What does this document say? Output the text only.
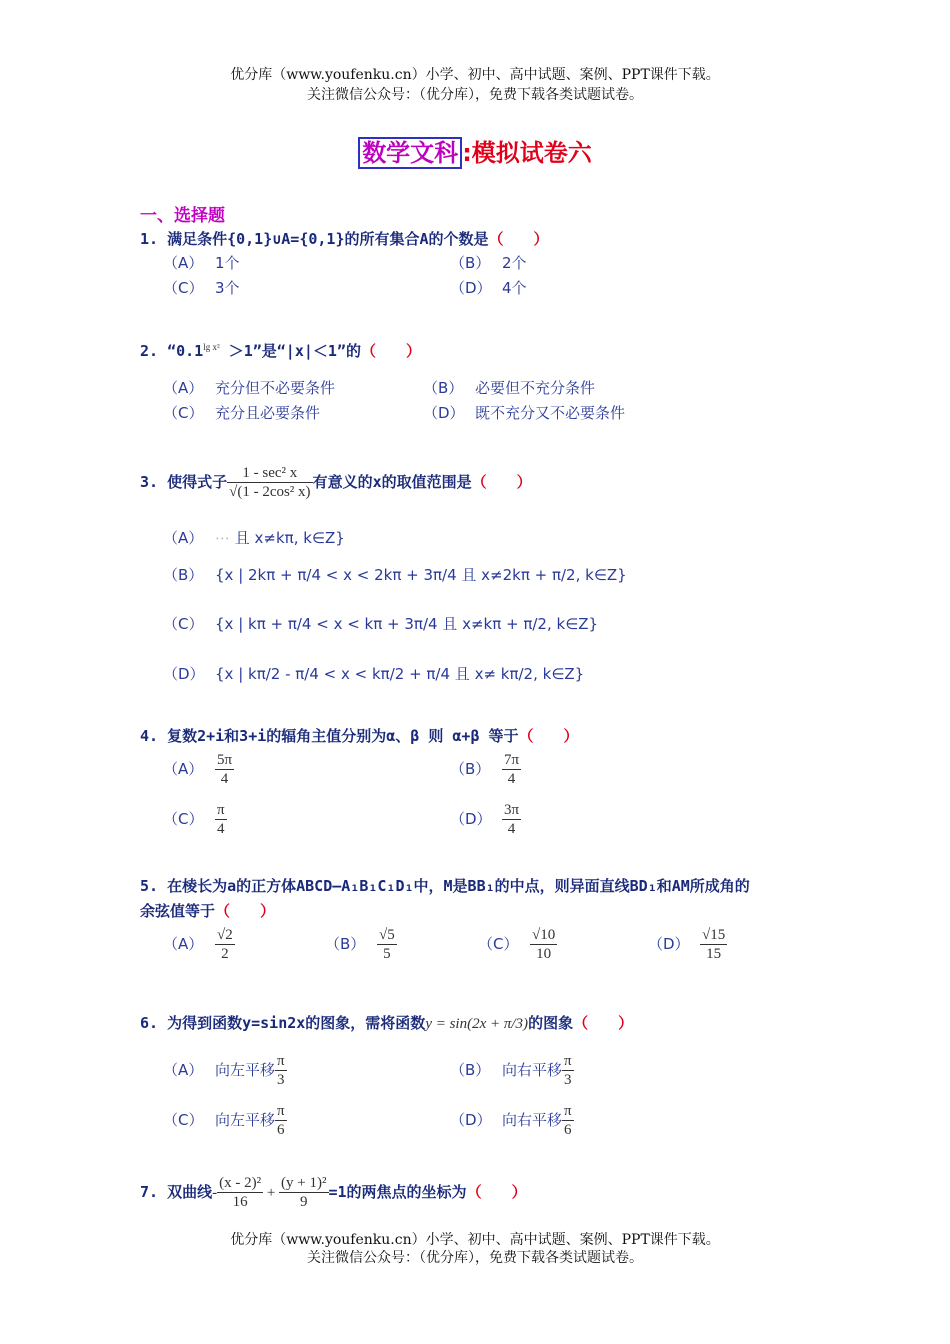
优分库（www.youfenku.cn）小学、初中、高中试题、案例、PPT课件下载。
关注微信公众号：（优分库），免费下载各类试题试卷。
数学文科 :模拟试卷六
一、选择题
1. 满足条件{0,1}∪A={0,1}的所有集合A的个数是（　　）
（A） 1个	（B） 2个
（C） 3个	（D） 4个
2. “$0.1^{lg x^2} >1$”是“|x|＜1”的（　　）
（A） 充分但不必要条件	（B） 必要但不充分条件
（C） 充分且必要条件	（D） 既不充分又不必要条件
3. 使得式子 $\frac{\text{1 - sec² x}}{\text{√(1 - 2cos² x)}}$ 有意义的x的取值范围是（　　）
（A） ⋯ 且 x≠kπ, k∈Z}
（B） {x | 2kπ + π/4 < x < 2kπ + 3π/4 且 x≠2kπ + π/2, k∈Z}
（C） {x | kπ + π/4 < x < kπ + 3π/4 且 x≠kπ + π/2, k∈Z}
（D） {x | kπ/2 - π/4 < x < kπ/2 + π/4 且 x≠ kπ/2, k∈Z}
4. 复数2+i和3+i的辐角主值分别为α、β 则 α+β 等于（　　）
$(A) \frac{5\pi}{4}$	$(B) \frac{7\pi}{4}$
$(C) \frac{\pi}{4}$	$(D) \frac{3\pi}{4}$
5. 在棱长为a的正方体ABCD—A₁B₁C₁D₁中，M是BB₁的中点，则异面直线BD₁和AM所成角的
余弦值等于（　　）
$(A) \frac{√2}{2}$	$(B) \frac{√5}{5}$	$(C) \frac{√10}{10}$	$(D) \frac{√15}{15}$
6. 为得到函数y=sin2x的图象，需将函数y = sin(2x + π/3)的图象（　　）
（A） 向左平移 $\frac{\pi}{3}$	（B） 向右平移 $\frac{\pi}{3}$
（C） 向左平移 $\frac{\pi}{6}$	（D） 向右平移 $\frac{\pi}{6}$
7. 双曲线- $\frac{\text{(x - 2)²}}{16} + \frac{\text{(y + 1)²}}{9} =1$的两焦点的坐标为（　　）
优分库（www.youfenku.cn）小学、初中、高中试题、案例、PPT课件下载。
关注微信公众号：（优分库），免费下载各类试题试卷。
